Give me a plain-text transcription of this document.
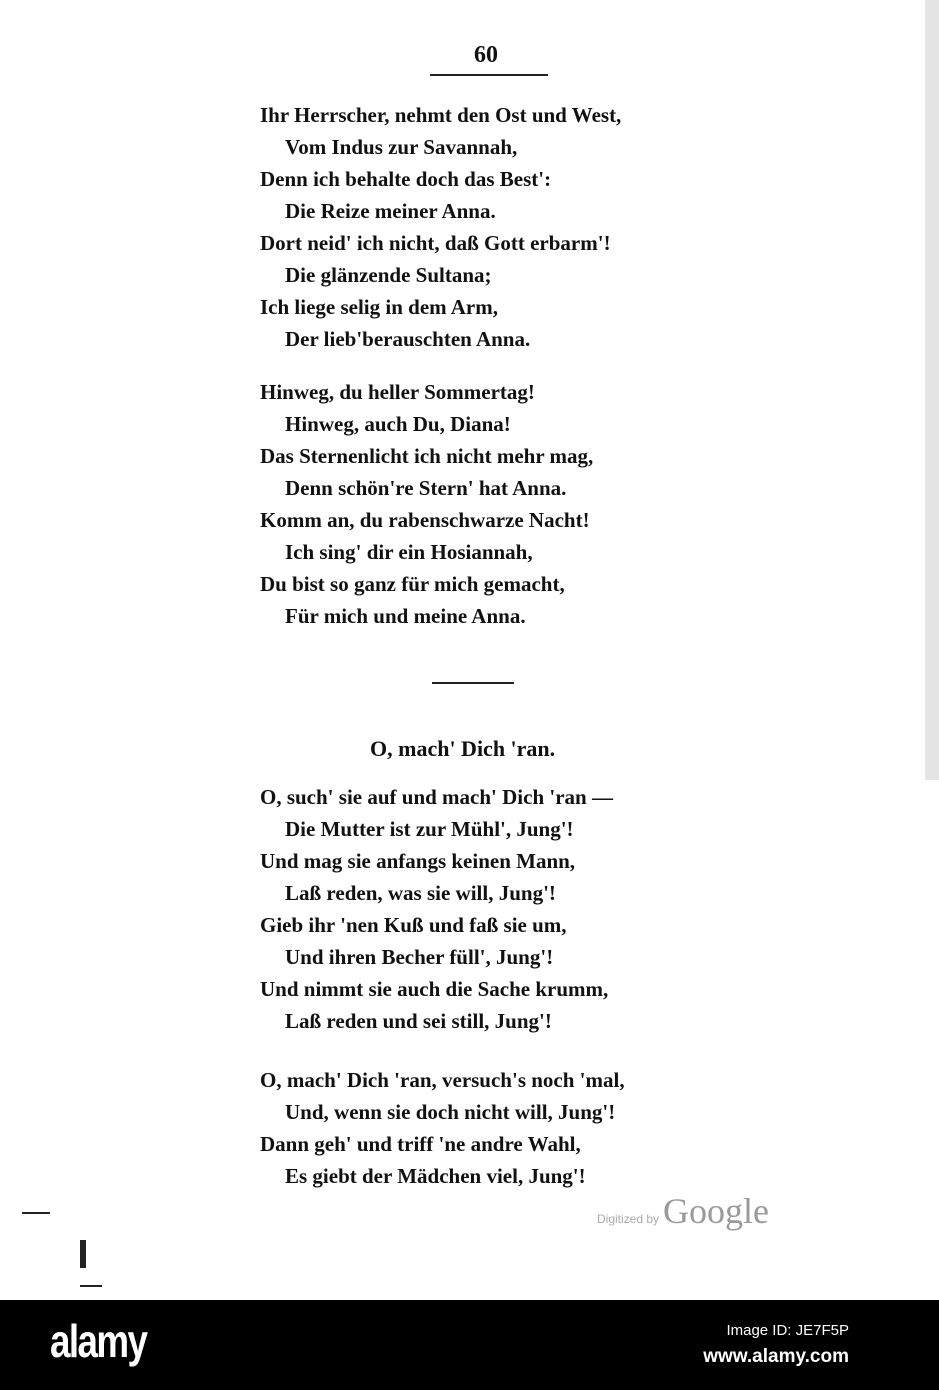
60
Ihr Herrscher, nehmt den Ost und West,
Vom Indus zur Savannah,
Denn ich behalte doch das Best':
Die Reize meiner Anna.
Dort neid' ich nicht, daß Gott erbarm'!
Die glänzende Sultana;
Ich liege selig in dem Arm,
Der lieb'berauschten Anna.
Hinweg, du heller Sommertag!
Hinweg, auch Du, Diana!
Das Sternenlicht ich nicht mehr mag,
Denn schön're Stern' hat Anna.
Komm an, du rabenschwarze Nacht!
Ich sing' dir ein Hosiannah,
Du bist so ganz für mich gemacht,
Für mich und meine Anna.
O, such' sie auf und mach' Dich 'ran —
Die Mutter ist zur Mühl', Jung'!
Und mag sie anfangs keinen Mann,
Laß reden, was sie will, Jung'!
Gieb ihr 'nen Kuß und faß sie um,
Und ihren Becher füll', Jung'!
Und nimmt sie auch die Sache krumm,
Laß reden und sei still, Jung'!
O, mach' Dich 'ran, versuch's noch 'mal,
Und, wenn sie doch nicht will, Jung'!
Dann geh' und triff 'ne andre Wahl,
Es giebt der Mädchen viel, Jung'!
O, mach' Dich 'ran.
Digitized by Google
alamy	Image ID: JE7F5P
www.alamy.com
